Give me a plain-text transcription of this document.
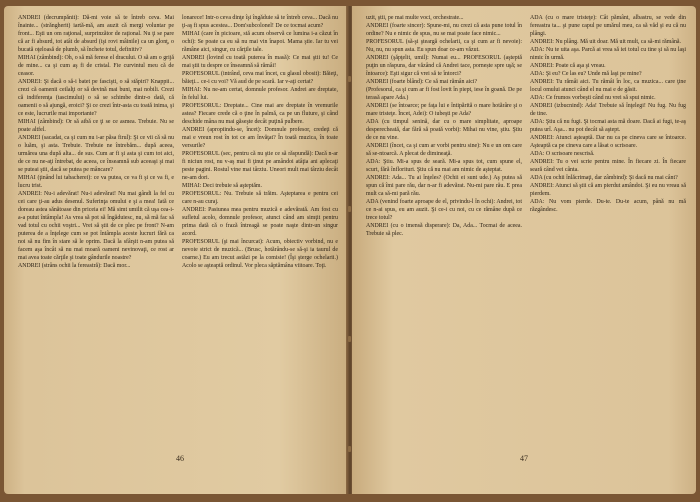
ANDREI (decrumpănit): Dă-mi voie să te întreb ceva. Mai înainte... (străngherit) iartă-mă, am auzit că mergi voluntar pe front... Eşti un om raţional, surprinzător de raţional. Nu ţi se pare că ar fi absurd, tot atât de absurd (işi rovi mâinile) ca un glonţ, o bucată oţeloasă de plumb, să încheie totul, definitiv?

MIHAI (zâmbind): Oh, o să mă ferese el dracului. O să am o grijă de mine... ca şi cum aş fi de cristal. Fie curvintul meu că de ceasor.

ANDREI: Şi dacă o să-i batet pe fascişti, o să stăpiri? Knappii... crezi că oamenii ceilalţi or să devină mai buni, mai nobili. Crezi că indiferenţa (tascimului) o să se schimbe dintr-o dată, că oamenii o să ajungă, eroici? Şi ce crezi într-asta cu toată inima, şi ce este, lucrurile mai importante?

MIHAI (zâmbind): Or să aibă ce ţi se ce asmea. Trebuie. Nu se poate altfel.

ANDREI (sacadat, ca şi cum nu i-ar păsa firul): Şi ce vii că să nu o luăm, şi asta. Trebuie. Trebuie ne întrebăm... după aceea, urmărea una după alta... de sus. Cum ar fi şi asta şi cum tot aici, de ce nu ne-aţi întrebat, de aceea, ce înseamnă sub aceeaşi şi mai se puteai ştii, dacă se putea pe mâncare?

MIHAI (ţinând lui tabacherei): ce va putea, ce va fi şi ce va fi, e lucru trist.

ANDREI: Nu-i adevărat! Nu-i adevărat! Nu mai gândi la fel cu cei care ţi-au adus desenul. Suferinţa omului e şi a mea! Iată ce doreau astea sănătoase din priceia ei! Mă simt umilit că uşa cea-i-a-a putut întâmpla! As vrea să pot să îngăduiesc, nu, să mă fac să vad totul cu ochii voştri... Vrei să ştii de ce plec pe front? N-am puterea de a înţelege cum se pot întâmpla aceste lucruri fără ca noi să nu fim în stare să le oprim. Dacă la sfârşit n-am putea să facem aşa încât să nu mai moară oameni nevinovaţi, ce rost ar mai avea toate cărţile şi toate gândurile noastre?

ANDREI (strâns ochii la fereastră): Dacă mor...

lonarece! Intr-o ceva dinţe îşi îngăduie să te întreb ceva... Dacă nu ţi-aş fi spus acestea... Dom'subcolonel! De ce tocmai acum?

MIHAI (care în picioare, stă acum observă ce lumina i-a căzut în ochi): Se poate ca eu să nu mai vin înapoi. Mama ştie. Iar tu vei rămâne aici, singur, cu cărţile tale.

ANDREI (lovind cu toată puterea în masă): Ce mai ştii tu! Ce mai ştii tu despre ce înseamnă să rămâi!

PROFESORUL (intrând, ceva mai încet, cu glasul obosit): Băieţi, băieţi... ce-i cu voi? Vă aud de pe scară. Iar v-aţi certat?

MIHAI: Nu ne-am certat, domnule profesor. Andrei are dreptate, în felul lui.

PROFESORUL: Dreptate... Cine mai are dreptate în vremurile astea? Fiecare crede că o ţine în palmă, ca pe un fluture, şi când deschide mâna nu mai găseşte decât puţină pulbere.

ANDREI (apropiindu-se, încet): Domnule profesor, credeţi că mai e vreun rost în tot ce am învăţat? În toată muzica, în toate versurile?

PROFESORUL (sec, pentru că nu ştie ce să răspundă): Dacă n-ar fi niciun rost, nu v-aş mai fi ţinut pe amândoi atâţia ani aplecaţi peste pagini. Rostul vine mai târziu. Uneori mult mai târziu decât ne-am dori.

MIHAI: Deci trebuie să aşteptăm.

PROFESORUL: Nu. Trebuie să trăim. Aşteptarea e pentru cei care n-au curaj.

ANDREI: Pasiunea mea pentru muzică e adevărată. Am fost cu sufletul acolo, domnule profesor, atunci când am simţit pentru prima dată că o frază întreagă se poate naşte dintr-un singur acord.

PROFESORUL (şi mai încurcat): Acum, obiectiv vorbind, nu e nevoie strict de muzică... (Brusc, hotărându-se să-şi ia taurul de coarne.) Eu am trecut astăzi pe la comisie! (Îşi şterge ochelarii.) Acolo se aşteaptă ordinul. Vor pleca săptămâna viitoare. Toţi.

46

uzit, ştii, pe mai multe voci, orchestrate...

ANDREI (foarte sincer): Spune-mi, nu crezi că asta pune totul în ordine? Nu e nimic de spus, nu se mai poate face nimic...

PROFESORUL (să-şi şteargă ochelarii, ca şi cum ar fi nevoie): Nu, nu, nu spun asta. Eu spun doar ce-am văzut.

ANDREI (şăpţelit, umil): Numai eu... PROFESORUL (aşteptă puţin un răspuns, dar văzând că Andrei tace, pornește spre uşă; se întoarce): Eşti sigur că vrei să te întorci?

ANDREI (foarte blând): Ce să mai rămân aici?

(Profesorul, ca şi cum ar fi fost lovit în piept, iese în goană. De pe terasă apare Ada.)

ANDREI (se întoarce; pe faţa lui e întipărită o mare hotărâre şi o mare tristeţe. Încet, Adei): O iubeşti pe Ada?

ADA (cu timpul senină, dar cu o mare simplitate, aproape desperecheată, dar fără să poată vorbi): Mihai nu vine, ştiu. Ştiu de ce nu vine.

ANDREI (încet, ca şi cum ar vorbi pentru sine): Nu e un om care să se-ntoarcă. A plecat de dimineaţă.

ADA: Ştiu. Mi-a spus de seară. Mi-a spus tot, cum spune el, scurt, fără înflorituri. Ştiu că nu mai am nimic de aşteptat.

ANDREI: Ada... Tu ai înţeles? (Ochii ei sunt ude.) Aş putea să spun că îmi pare rău, dar n-ar fi adevărat. Nu-mi pare rău. E prea mult ca să-mi pară rău.

ADA (venind foarte aproape de el, privindu-l în ochi): Andrei, tot ce n-ai spus, eu am auzit. Şi ce-i cu noi, cu ce rămâne după ce trece totul?

ANDREI (cu o imensă disperare): Da, Ada... Tocmai de aceea. Trebuie să plec.

ADA (cu o mare tristeţe): Cât pământ, albastru, se vede din fereastra ta... şi pune capul pe umărul meu, ca să văd şi eu că nu plângi.

ANDREI: Nu plâng. Mă uit doar. Mă uit mult, ca să-mi rămână.

ADA: Nu te uita aşa. Parcă ai vrea să iei totul cu tine şi să nu laşi nimic în urmă.

ANDREI: Poate că aşa şi vreau.

ADA: Şi eu? Ce las eu? Unde mă laşi pe mine?

ANDREI: Tu rămâi aici. Tu rămâi în loc, ca muzica... care ţine locul omului atunci când el nu mai e de găsit.

ADA: Ce frumos vorbeşti când nu vrei să spui nimic.

ANDREI (izbucnind): Ada! Trebuie să înţelegi! Nu fug. Nu fug de tine.

ADA: Ştiu că nu fugi. Şi tocmai asta mă doare. Dacă ai fugi, te-aş putea urî. Aşa... nu pot decât să aştept.

ANDREI: Atunci aşteaptă. Dar nu ca pe cineva care se întoarce. Aşteaptă ca pe cineva care a lăsat o scrisoare.

ADA: O scrisoare nescrisă.

ANDREI: Tu o vei scrie pentru mine. În fiecare zi. În fiecare seară când vei cânta.

ADA (cu ochii înlăcrimaţi, dar zâmbind): Şi dacă nu mai cânt?

ANDREI: Atunci să ştii că am pierdut amândoi. Şi eu nu vreau să pierdem.

ADA: Nu vom pierde. Du-te. Du-te acum, până nu mă răzgândesc.

47
